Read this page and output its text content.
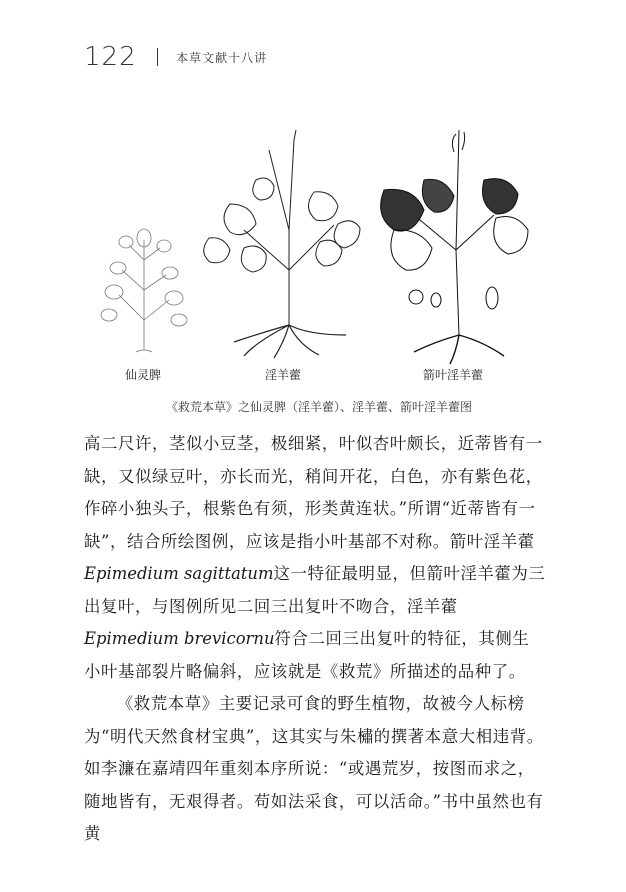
122	本草文献十八讲
仙灵脾	淫羊藿	箭叶淫羊藿
《救荒本草》之仙灵脾（淫羊藿）、淫羊藿、箭叶淫羊藿图

高二尺许，茎似小豆茎，极细紧，叶似杏叶颇长，近蒂皆有一缺，又似绿豆叶，亦长而光，稍间开花，白色，亦有紫色花，作碎小独头子，根紫色有须，形类黄连状。”所谓“近蒂皆有一缺”，结合所绘图例，应该是指小叶基部不对称。箭叶淫羊藿Epimedium sagittatum这一特征最明显，但箭叶淫羊藿为三出复叶，与图例所见二回三出复叶不吻合，淫羊藿Epimedium brevicornu符合二回三出复叶的特征，其侧生小叶基部裂片略偏斜，应该就是《救荒》所描述的品种了。

《救荒本草》主要记录可食的野生植物，故被今人标榜为“明代天然食材宝典”，这其实与朱橚的撰著本意大相违背。如李濂在嘉靖四年重刻本序所说：“或遇荒岁，按图而求之，随地皆有，无艰得者。苟如法采食，可以活命。”书中虽然也有黄
